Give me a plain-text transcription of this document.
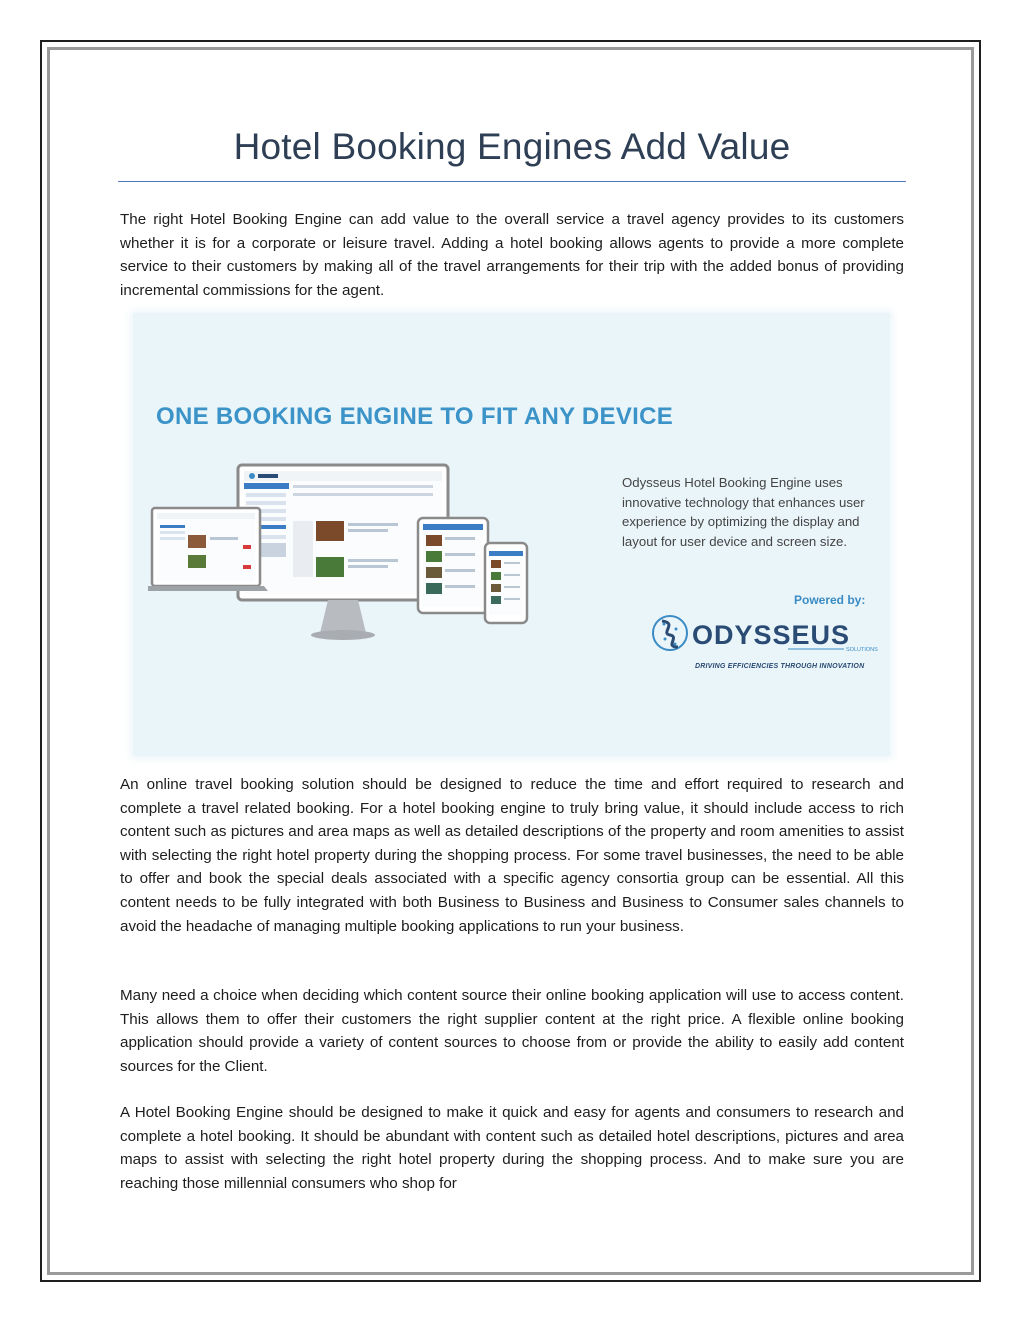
Hotel Booking Engines Add Value

The right Hotel Booking Engine can add value to the overall service a travel agency provides to its customers whether it is for a corporate or leisure travel. Adding a hotel booking allows agents to provide a more complete service to their customers by making all of the travel arrangements for their trip with the added bonus of providing incremental commissions for the agent.

ONE BOOKING ENGINE TO FIT ANY DEVICE

Odysseus Hotel Booking Engine uses innovative technology that enhances user experience by optimizing the display and layout for user device and screen size.

Powered by:
ODYSSEUS
SOLUTIONS
DRIVING EFFICIENCIES THROUGH INNOVATION

An online travel booking solution should be designed to reduce the time and effort required to research and complete a travel related booking. For a hotel booking engine to truly bring value, it should include access to rich content such as pictures and area maps as well as detailed descriptions of the property and room amenities to assist with selecting the right hotel property during the shopping process. For some travel businesses, the need to be able to offer and book the special deals associated with a specific agency consortia group can be essential. All this content needs to be fully integrated with both Business to Business and Business to Consumer sales channels to avoid the headache of managing multiple booking applications to run your business.

Many need a choice when deciding which content source their online booking application will use to access content. This allows them to offer their customers the right supplier content at the right price. A flexible online booking application should provide a variety of content sources to choose from or provide the ability to easily add content sources for the Client.

A Hotel Booking Engine should be designed to make it quick and easy for agents and consumers to research and complete a hotel booking. It should be abundant with content such as detailed hotel descriptions, pictures and area maps to assist with selecting the right hotel property during the shopping process. And to make sure you are reaching those millennial consumers who shop for
